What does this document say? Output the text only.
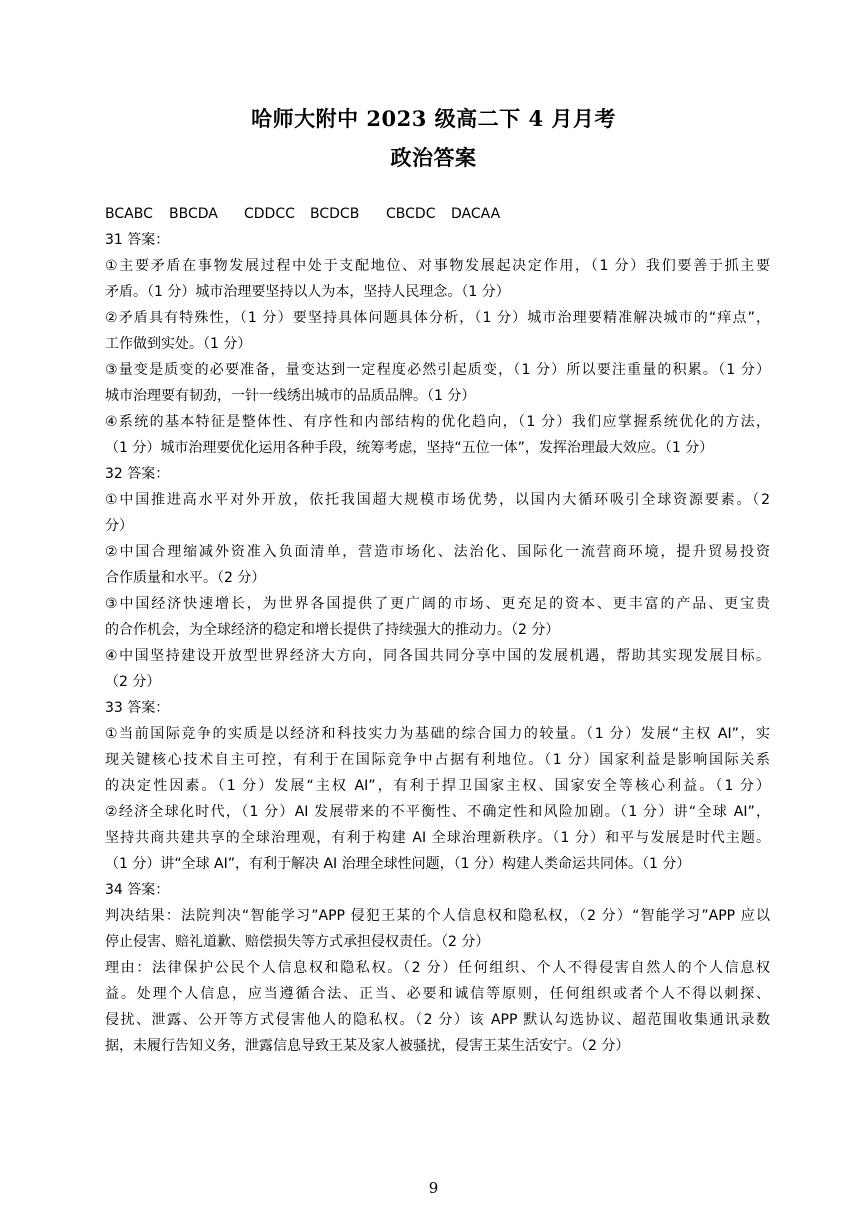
哈师大附中 2023 级高二下 4 月月考
政治答案
BCABC	BBCDA	CDDCC	BCDCB	CBCDC	DACAA
31 答案：
①主要矛盾在事物发展过程中处于支配地位、对事物发展起决定作用，（1 分）我们要善于抓主要
矛盾。（1 分）城市治理要坚持以人为本，坚持人民理念。（1 分）
②矛盾具有特殊性，（1 分）要坚持具体问题具体分析，（1 分）城市治理要精准解决城市的“痒点”，
工作做到实处。（1 分）
③量变是质变的必要准备，量变达到一定程度必然引起质变，（1 分）所以要注重量的积累。（1 分）
城市治理要有韧劲，一针一线绣出城市的品质品牌。（1 分）
④系统的基本特征是整体性、有序性和内部结构的优化趋向，（1 分）我们应掌握系统优化的方法，
（1 分）城市治理要优化运用各种手段，统筹考虑，坚持“五位一体”，发挥治理最大效应。（1 分）
32 答案：
①中国推进高水平对外开放，依托我国超大规模市场优势，以国内大循环吸引全球资源要素。（2
分）
②中国合理缩减外资准入负面清单，营造市场化、法治化、国际化一流营商环境，提升贸易投资
合作质量和水平。（2 分）
③中国经济快速增长，为世界各国提供了更广阔的市场、更充足的资本、更丰富的产品、更宝贵
的合作机会，为全球经济的稳定和增长提供了持续强大的推动力。（2 分）
④中国坚持建设开放型世界经济大方向，同各国共同分享中国的发展机遇，帮助其实现发展目标。
（2 分）
33 答案：
①当前国际竞争的实质是以经济和科技实力为基础的综合国力的较量。（1 分）发展“主权 AI”，实
现关键核心技术自主可控，有利于在国际竞争中占据有利地位。（1 分）国家利益是影响国际关系
的决定性因素。（1 分）发展“主权 AI”，有利于捍卫国家主权、国家安全等核心利益。（1 分）
②经济全球化时代，（1 分）AI 发展带来的不平衡性、不确定性和风险加剧。（1 分）讲“全球 AI”，
坚持共商共建共享的全球治理观，有利于构建 AI 全球治理新秩序。（1 分）和平与发展是时代主题。
（1 分）讲“全球 AI”，有利于解决 AI 治理全球性问题，（1 分）构建人类命运共同体。（1 分）
34 答案：
判决结果：法院判决“智能学习”APP 侵犯王某的个人信息权和隐私权，（2 分）“智能学习”APP 应以
停止侵害、赔礼道歉、赔偿损失等方式承担侵权责任。（2 分）
理由：法律保护公民个人信息权和隐私权。（2 分）任何组织、个人不得侵害自然人的个人信息权
益。处理个人信息，应当遵循合法、正当、必要和诚信等原则，任何组织或者个人不得以刺探、
侵扰、泄露、公开等方式侵害他人的隐私权。（2 分）该 APP 默认勾选协议、超范围收集通讯录数
据，未履行告知义务，泄露信息导致王某及家人被骚扰，侵害王某生活安宁。（2 分）
9
